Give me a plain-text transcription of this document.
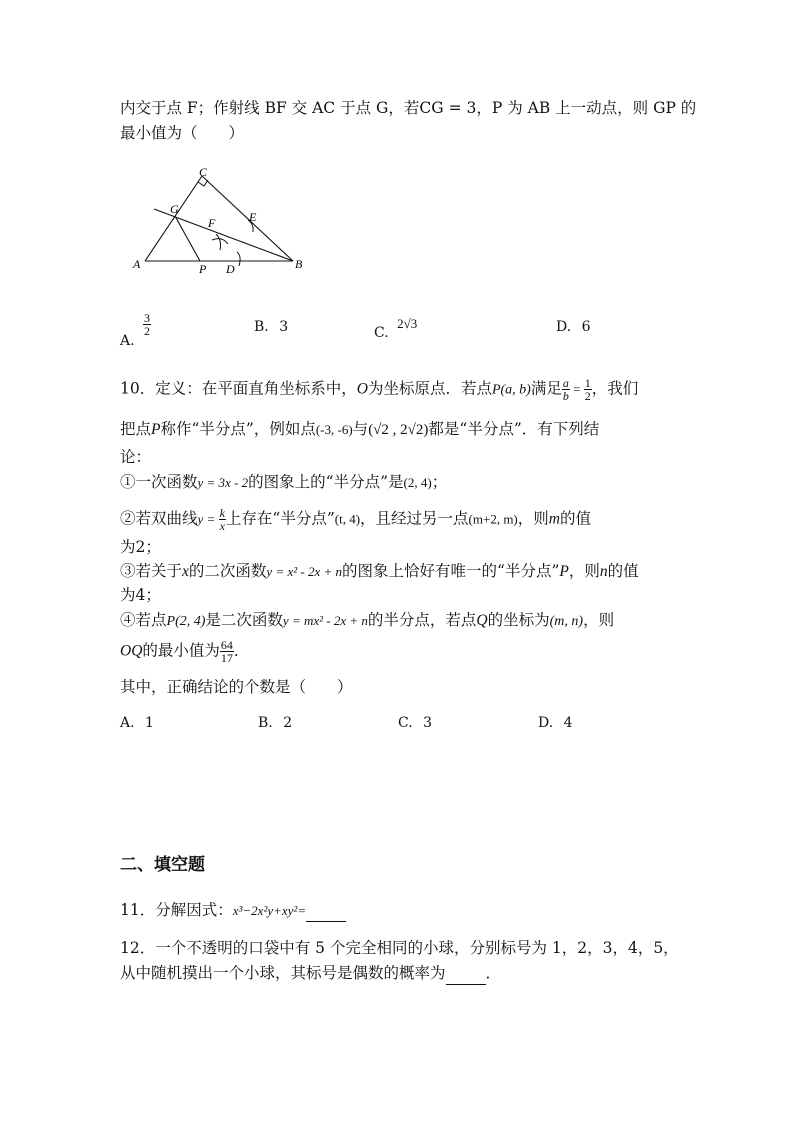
内交于点 F；作射线 BF 交 AC 于点 G，若CG = 3，P 为 AB 上一动点，则 GP 的
最小值为（　　）
C
G
F	E
A	P D	B
A.
$\frac{3}{2}$	B. 3	C. 2√3	D. 6
10．定义：在平面直角坐标系中，O为坐标原点．若点P(a, b)满足 $\frac{a}{b} = \frac{1}{2}$ ，我们
把点P称作“半分点”，例如点(-3, -6)与(√2 , 2√2)都是“半分点”．有下列结
论：
①一次函数y = 3x - 2的图象上的“半分点”是(2, 4)；
②若双曲线$y = \frac{k}{x}$ 上存在“半分点”(t, 4)，且经过另一点(m+2, m)，则m的值
为2；
③若关于x的二次函数y = x² - 2x + n的图象上恰好有唯一的“半分点”P，则n的值
为4；
④若点P(2, 4)是二次函数y = mx² - 2x + n的半分点，若点Q的坐标为(m, n)，则
OQ的最小值为 $\frac{64}{17}$ ．
其中，正确结论的个数是（　　）
A. 1	B. 2	C. 3	D. 4
二、填空题
11．分解因式：x³−2x²y+xy²=
12．一个不透明的口袋中有 5 个完全相同的小球，分别标号为 1，2，3，4，5，
从中随机摸出一个小球，其标号是偶数的概率为	．
